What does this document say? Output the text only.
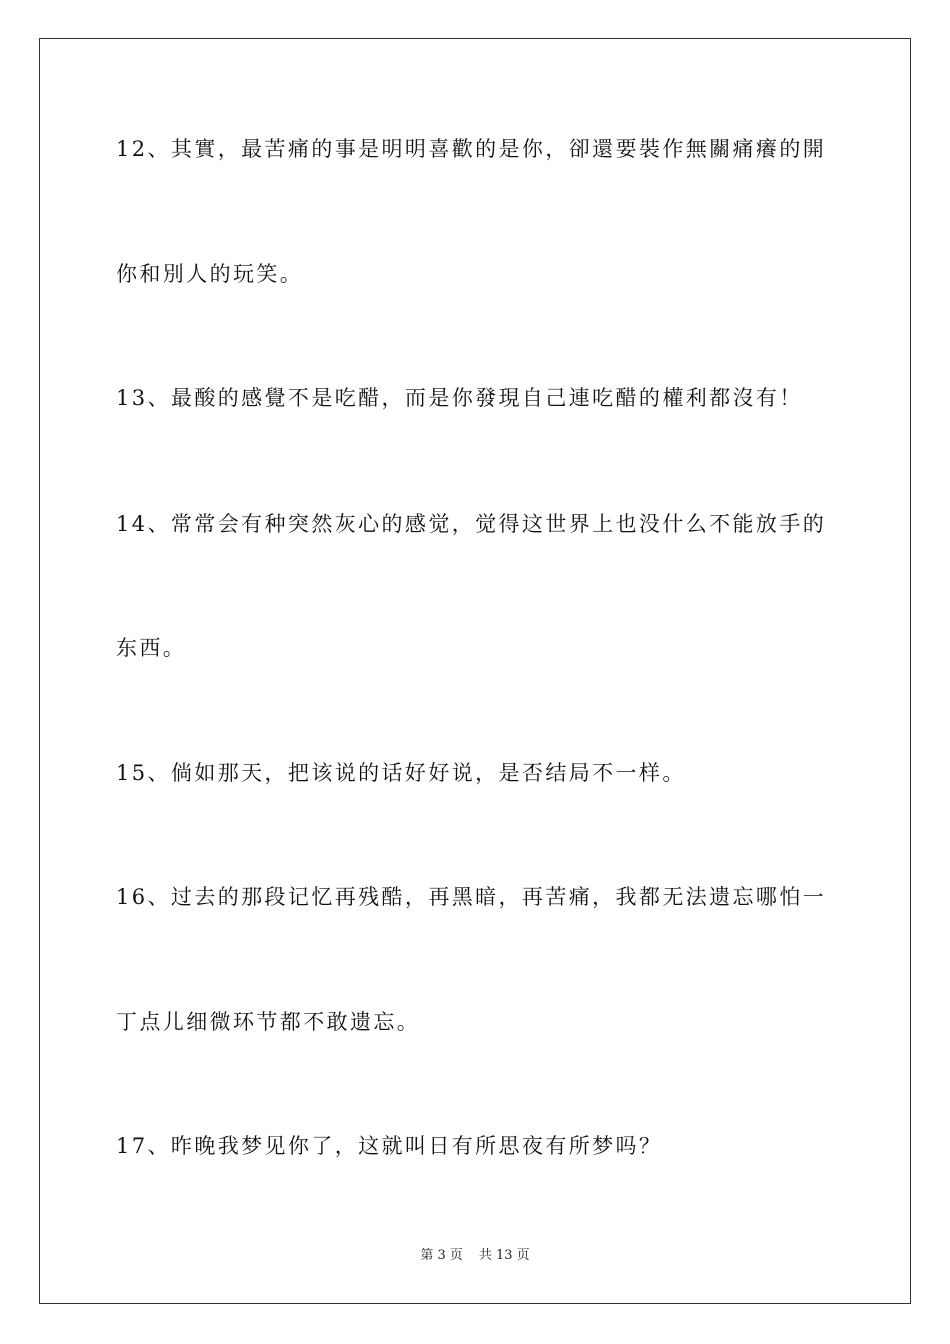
12、其實，最苦痛的事是明明喜歡的是你，卻還要裝作無關痛癢的開
你和別人的玩笑。
13、最酸的感覺不是吃醋，而是你發現自己連吃醋的權利都沒有！
14、常常会有种突然灰心的感觉，觉得这世界上也没什么不能放手的
东西。
15、倘如那天，把该说的话好好说，是否结局不一样。
16、过去的那段记忆再残酷，再黑暗，再苦痛，我都无法遗忘哪怕一
丁点儿细微环节都不敢遗忘。
17、昨晚我梦见你了，这就叫日有所思夜有所梦吗？
第 3 页 共 13 页
